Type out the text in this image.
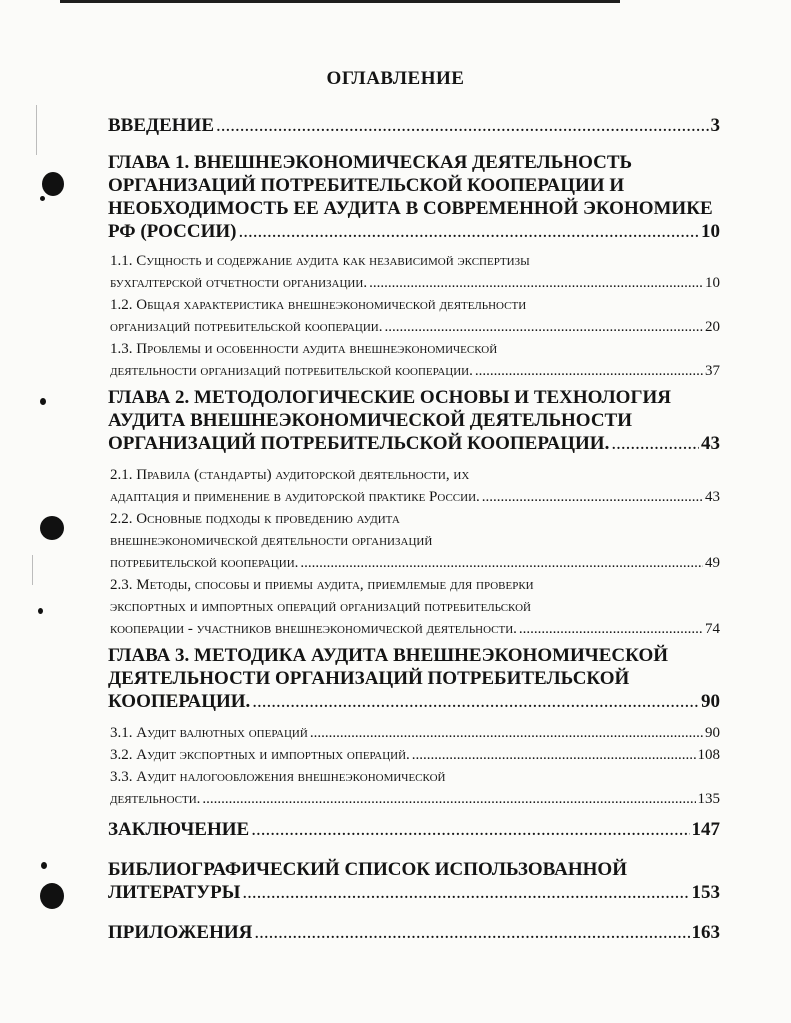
ОГЛАВЛЕНИЕ
ВВЕДЕНИЕ .....	3
ГЛАВА 1. ВНЕШНЕЭКОНОМИЧЕСКАЯ ДЕЯТЕЛЬНОСТЬ
ОРГАНИЗАЦИЙ ПОТРЕБИТЕЛЬСКОЙ КООПЕРАЦИИ И
НЕОБХОДИМОСТЬ ЕЕ АУДИТА В СОВРЕМЕННОЙ ЭКОНОМИКЕ
РФ (РОССИИ) .....	10
1.1. Сущность и содержание аудита как независимой экспертизы
бухгалтерской отчетности организации. .....	10
1.2. Общая характеристика внешнеэкономической деятельности
организаций потребительской кооперации. .....	20
1.3. Проблемы и особенности аудита внешнеэкономической
деятельности организаций потребительской кооперации. .....	37
ГЛАВА 2. МЕТОДОЛОГИЧЕСКИЕ ОСНОВЫ И ТЕХНОЛОГИЯ
АУДИТА ВНЕШНЕЭКОНОМИЧЕСКОЙ ДЕЯТЕЛЬНОСТИ
ОРГАНИЗАЦИЙ ПОТРЕБИТЕЛЬСКОЙ КООПЕРАЦИИ. .....	43
2.1. Правила (стандарты) аудиторской деятельности, их
адаптация и применение в аудиторской практике России. .....	43
2.2. Основные подходы к проведению аудита
внешнеэкономической деятельности организаций
потребительской кооперации. .....	49
2.3. Методы, способы и приемы аудита, приемлемые для проверки
экспортных и импортных операций организаций потребительской
кооперации - участников внешнеэкономической деятельности. .....	74
ГЛАВА 3. МЕТОДИКА АУДИТА ВНЕШНЕЭКОНОМИЧЕСКОЙ
ДЕЯТЕЛЬНОСТИ ОРГАНИЗАЦИЙ ПОТРЕБИТЕЛЬСКОЙ
КООПЕРАЦИИ. .....	90
3.1. Аудит валютных операций .....	90
3.2. Аудит экспортных и импортных операций. .....	108
3.3. Аудит налогообложения внешнеэкономической
деятельности. .....	135
ЗАКЛЮЧЕНИЕ .....	147
БИБЛИОГРАФИЧЕСКИЙ СПИСОК ИСПОЛЬЗОВАННОЙ
ЛИТЕРАТУРЫ .....	153
ПРИЛОЖЕНИЯ .....	163
